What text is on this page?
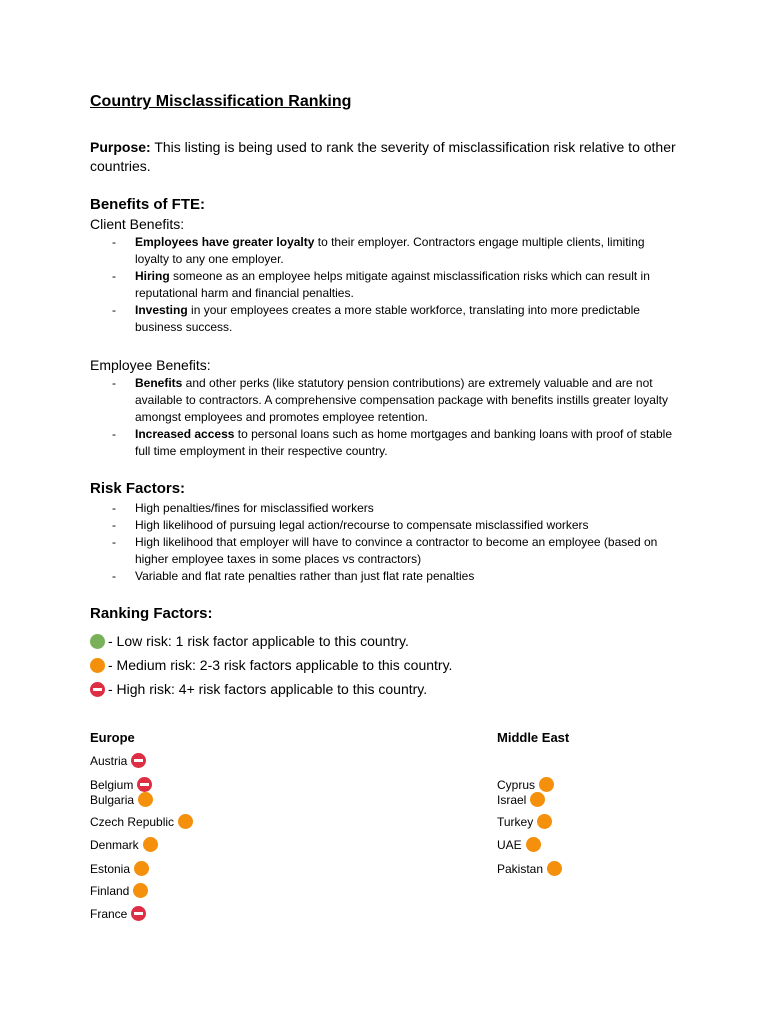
Country Misclassification Ranking
Purpose: This listing is being used to rank the severity of misclassification risk relative to other countries.
Benefits of FTE:
Client Benefits:
- Employees have greater loyalty to their employer. Contractors engage multiple clients, limiting loyalty to any one employer.
- Hiring someone as an employee helps mitigate against misclassification risks which can result in reputational harm and financial penalties.
- Investing in your employees creates a more stable workforce, translating into more predictable business success.
Employee Benefits:
- Benefits and other perks (like statutory pension contributions) are extremely valuable and are not available to contractors. A comprehensive compensation package with benefits instills greater loyalty amongst employees and promotes employee retention.
- Increased access to personal loans such as home mortgages and banking loans with proof of stable full time employment in their respective country.
Risk Factors:
- High penalties/fines for misclassified workers
- High likelihood of pursuing legal action/recourse to compensate misclassified workers
- High likelihood that employer will have to convince a contractor to become an employee (based on higher employee taxes in some places vs contractors)
- Variable and flat rate penalties rather than just flat rate penalties
Ranking Factors:
- Low risk: 1 risk factor applicable to this country.
- Medium risk: 2-3 risk factors applicable to this country.
- High risk: 4+ risk factors applicable to this country.
Europe
Austria
Belgium
Bulgaria
Czech Republic
Denmark
Estonia
Finland
France
Middle East
Cyprus
Israel
Turkey
UAE
Pakistan
